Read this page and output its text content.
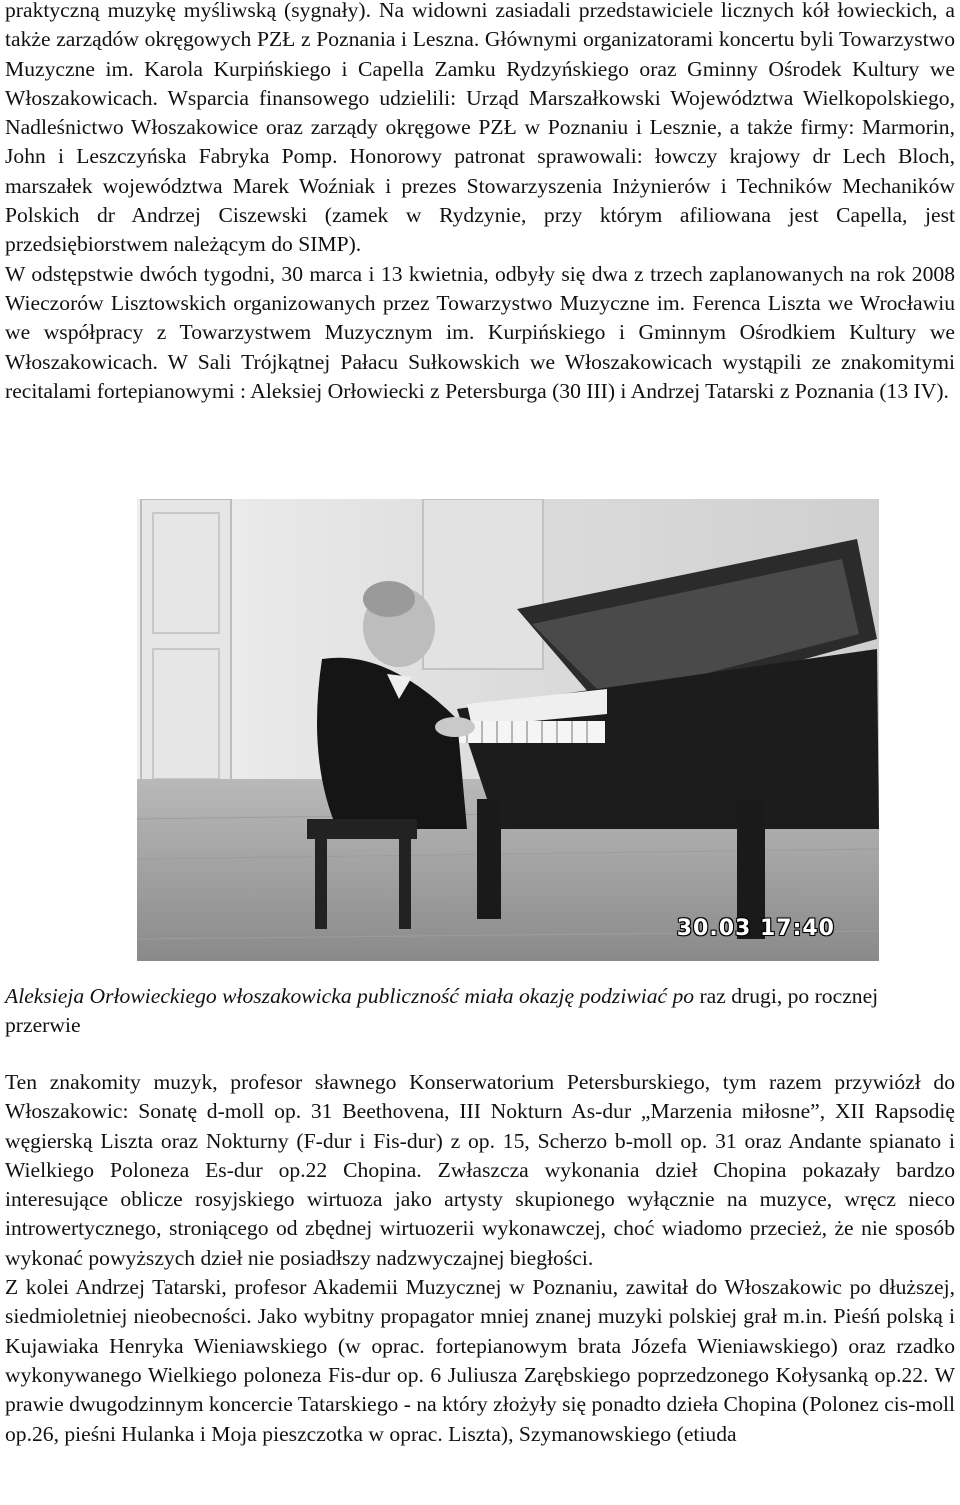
praktyczną muzykę myśliwską (sygnały). Na widowni zasiadali przedstawiciele licznych kół łowieckich, a także zarządów okręgowych PZŁ z Poznania i Leszna. Głównymi organizatorami koncertu byli Towarzystwo Muzyczne im. Karola Kurpińskiego i Capella Zamku Rydzyńskiego oraz Gminny Ośrodek Kultury we Włoszakowicach. Wsparcia finansowego udzielili: Urząd Marszałkowski Województwa Wielkopolskiego, Nadleśnictwo Włoszakowice oraz zarządy okręgowe PZŁ w Poznaniu i Lesznie, a także firmy: Marmorin, John i Leszczyńska Fabryka Pomp. Honorowy patronat sprawowali: łowczy krajowy dr Lech Bloch, marszałek województwa Marek Woźniak i prezes Stowarzyszenia Inżynierów i Techników Mechaników Polskich dr Andrzej Ciszewski (zamek w Rydzynie, przy którym afiliowana jest Capella, jest przedsiębiorstwem należącym do SIMP).

W odstępstwie dwóch tygodni, 30 marca i 13 kwietnia, odbyły się dwa z trzech zaplanowanych na rok 2008 Wieczorów Lisztowskich organizowanych przez Towarzystwo Muzyczne im. Ferenca Liszta we Wrocławiu we współpracy z Towarzystwem Muzycznym im. Kurpińskiego i Gminnym Ośrodkiem Kultury we Włoszakowicach. W Sali Trójkątnej Pałacu Sułkowskich we Włoszakowicach wystąpili ze znakomitymi recitalami fortepianowymi : Aleksiej Orłowiecki z Petersburga (30 III) i Andrzej Tatarski z Poznania (13 IV).

30.03 17:40

Aleksieja Orłowieckiego włoszakowicka publiczność miała okazję podziwiać po raz drugi, po rocznej przerwie

Ten znakomity muzyk, profesor sławnego Konserwatorium Petersburskiego, tym razem przywiózł do Włoszakowic: Sonatę d-moll op. 31 Beethovena, III Nokturn As-dur „Marzenia miłosne”, XII Rapsodię węgierską Liszta oraz Nokturny (F-dur i Fis-dur) z op. 15, Scherzo b-moll op. 31 oraz Andante spianato i Wielkiego Poloneza Es-dur op.22 Chopina. Zwłaszcza wykonania dzieł Chopina pokazały bardzo interesujące oblicze rosyjskiego wirtuoza jako artysty skupionego wyłącznie na muzyce, wręcz nieco introwertycznego, stroniącego od zbędnej wirtuozerii wykonawczej, choć wiadomo przecież, że nie sposób wykonać powyższych dzieł nie posiadłszy nadzwyczajnej biegłości.

Z kolei Andrzej Tatarski, profesor Akademii Muzycznej w Poznaniu, zawitał do Włoszakowic po dłuższej, siedmioletniej nieobecności. Jako wybitny propagator mniej znanej muzyki polskiej grał m.in. Pieśń polską i Kujawiaka Henryka Wieniawskiego (w oprac. fortepianowym brata Józefa Wieniawskiego) oraz rzadko wykonywanego Wielkiego poloneza Fis-dur op. 6 Juliusza Zarębskiego poprzedzonego Kołysanką op.22. W prawie dwugodzinnym koncercie Tatarskiego - na który złożyły się ponadto dzieła Chopina (Polonez cis-moll op.26, pieśni Hulanka i Moja pieszczotka w oprac. Liszta), Szymanowskiego (etiuda
